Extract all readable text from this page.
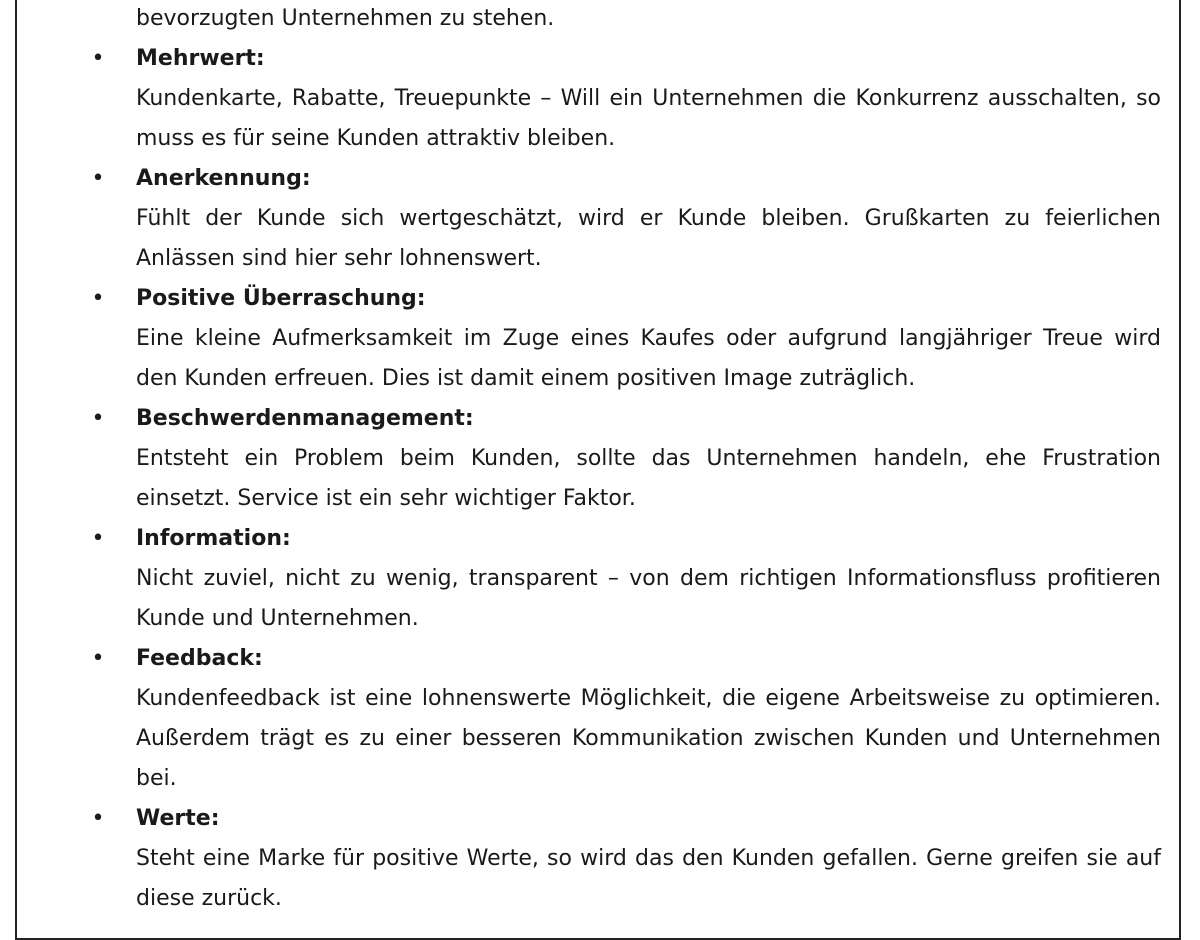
bevorzugten Unternehmen zu stehen.

• Mehrwert:

Kundenkarte, Rabatte, Treuepunkte – Will ein Unternehmen die Konkurrenz ausschalten, so muss es für seine Kunden attraktiv bleiben.

• Anerkennung:

Fühlt der Kunde sich wertgeschätzt, wird er Kunde bleiben. Grußkarten zu feierlichen Anlässen sind hier sehr lohnenswert.

• Positive Überraschung:

Eine kleine Aufmerksamkeit im Zuge eines Kaufes oder aufgrund langjähriger Treue wird den Kunden erfreuen. Dies ist damit einem positiven Image zuträglich.

• Beschwerdenmanagement:

Entsteht ein Problem beim Kunden, sollte das Unternehmen handeln, ehe Frustration einsetzt. Service ist ein sehr wichtiger Faktor.

• Information:

Nicht zuviel, nicht zu wenig, transparent – von dem richtigen Informationsfluss profitieren Kunde und Unternehmen.

• Feedback:

Kundenfeedback ist eine lohnenswerte Möglichkeit, die eigene Arbeitsweise zu optimieren. Außerdem trägt es zu einer besseren Kommunikation zwischen Kunden und Unternehmen bei.

• Werte:

Steht eine Marke für positive Werte, so wird das den Kunden gefallen. Gerne greifen sie auf diese zurück.
